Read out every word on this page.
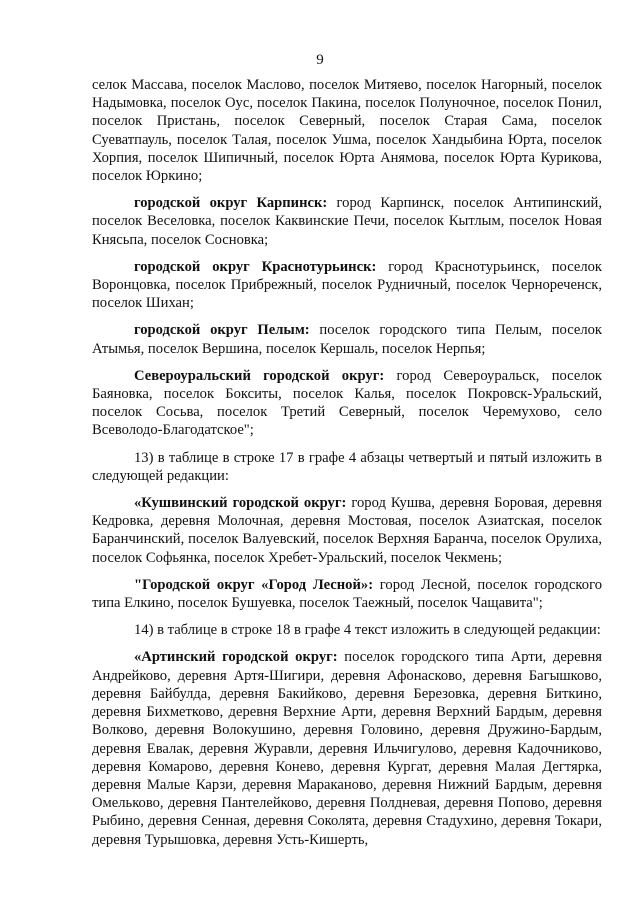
9

селок Массава, поселок Маслово, поселок Митяево, поселок Нагорный, поселок Надымовка, поселок Оус, поселок Пакина, поселок Полуночное, поселок Понил, поселок Пристань, поселок Северный, поселок Старая Сама, поселок Суеватпауль, поселок Талая, поселок Ушма, поселок Хандыбина Юрта, поселок Хорпия, поселок Шипичный, поселок Юрта Анямова, поселок Юрта Курикова, поселок Юркино;

городской округ Карпинск: город Карпинск, поселок Антипинский, поселок Веселовка, поселок Каквинские Печи, поселок Кытлым, поселок Новая Княсьпа, поселок Сосновка;

городской округ Краснотурьинск: город Краснотурьинск, поселок Воронцовка, поселок Прибрежный, поселок Рудничный, поселок Чернореченск, поселок Шихан;

городской округ Пелым: поселок городского типа Пелым, поселок Атымья, поселок Вершина, поселок Кершаль, поселок Нерпья;

Североуральский городской округ: город Североуральск, поселок Баяновка, поселок Бокситы, поселок Калья, поселок Покровск-Уральский, поселок Сосьва, поселок Третий Северный, поселок Черемухово, село Всеволодо-Благодатское";

13) в таблице в строке 17 в графе 4 абзацы четвертый и пятый изложить в следующей редакции:

«Кушвинский городской округ: город Кушва, деревня Боровая, деревня Кедровка, деревня Молочная, деревня Мостовая, поселок Азиатская, поселок Баранчинский, поселок Валуевский, поселок Верхняя Баранча, поселок Орулиха, поселок Софьянка, поселок Хребет-Уральский, поселок Чекмень;

"Городской округ «Город Лесной»: город Лесной, поселок городского типа Елкино, поселок Бушуевка, поселок Таежный, поселок Чащавита";

14) в таблице в строке 18 в графе 4 текст изложить в следующей редакции:

«Артинский городской округ: поселок городского типа Арти, деревня Андрейково, деревня Артя-Шигири, деревня Афонасково, деревня Багышково, деревня Байбулда, деревня Бакийково, деревня Березовка, деревня Биткино, деревня Бихметково, деревня Верхние Арти, деревня Верхний Бардым, деревня Волково, деревня Волокушино, деревня Головино, деревня Дружино-Бардым, деревня Евалак, деревня Журавли, деревня Ильчигулово, деревня Кадочниково, деревня Комарово, деревня Конево, деревня Кургат, деревня Малая Дегтярка, деревня Малые Карзи, деревня Мараканово, деревня Нижний Бардым, деревня Омельково, деревня Пантелейково, деревня Полдневая, деревня Попово, деревня Рыбино, деревня Сенная, деревня Соколята, деревня Стадухино, деревня Токари, деревня Турышовка, деревня Усть-Кишерть,
